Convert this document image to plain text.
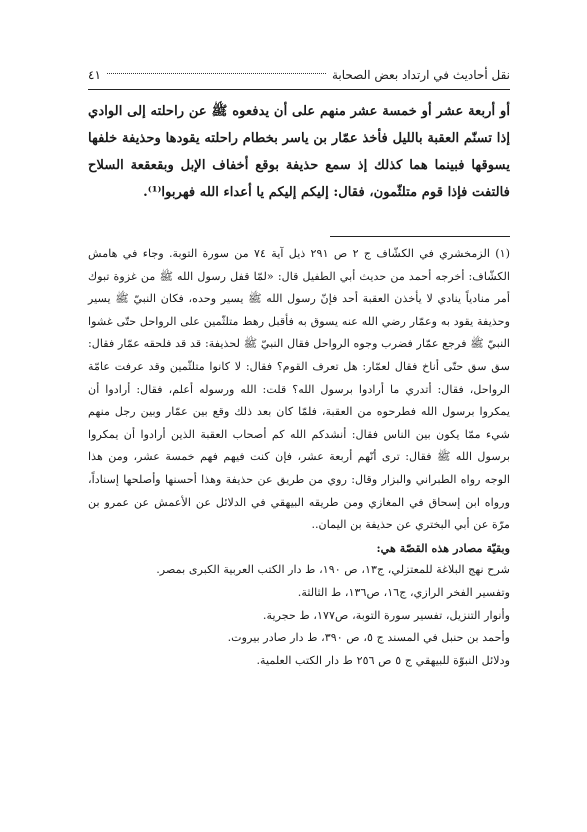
نقل أحاديث في ارتداد بعض الصحابة
٤١

أو أربعة عشر أو خمسة عشر منهم على أن يدفعوه ﷺ عن راحلته إلى الوادي إذا تسنّم العقبة بالليل فأخذ عمّار بن ياسر بخطام راحلته يقودها وحذيفة خلفها يسوقها فبينما هما كذلك إذ سمع حذيفة بوقع أخفاف الإبل وبقعقعة السلاح فالتفت فإذا قوم متلثّمون، فقال: إليكم إليكم يا أعداء الله فهربوا⁽¹⁾.

(١) الزمخشري في الكشّاف ج ٢ ص ٢٩١ ذيل آية ٧٤ من سورة التوبة. وجاء في هامش الكشّاف: أخرجه أحمد من حديث أبي الطفيل قال: «لمّا قفل رسول الله ﷺ من غزوة تبوك أمر منادياً ينادي لا يأخذن العقبة أحد فإنّ رسول الله ﷺ يسير وحده، فكان النبيّ ﷺ يسير وحذيفة يقود به وعمّار رضي الله عنه يسوق به فأقبل رهط متلثّمين على الرواحل حتّى غشوا النبيّ ﷺ فرجع عمّار فضرب وجوه الرواحل فقال النبيّ ﷺ لحذيفة: قد قد فلحقه عمّار فقال: سق سق حتّى أناخ فقال لعمّار: هل تعرف القوم؟ فقال: لا كانوا متلثّمين وقد عرفت عامّة الرواحل، فقال: أتدري ما أرادوا برسول الله؟ قلت: الله ورسوله أعلم، فقال: أرادوا أن يمكروا برسول الله فطرحوه من العقبة، فلمّا كان بعد ذلك وقع بين عمّار وبين رجل منهم شيء ممّا يكون بين الناس فقال: أنشدكم الله كم أصحاب العقبة الذين أرادوا أن يمكروا برسول الله ﷺ فقال: ترى أنّهم أربعة عشر، فإن كنت فيهم فهم خمسة عشر، ومن هذا الوجه رواه الطبراني والبزار وقال: روي من طريق عن حذيفة وهذا أحسنها وأصلحها إسناداً، ورواه ابن إسحاق في المغازي ومن طريقه البيهقي في الدلائل عن الأعمش عن عمرو بن مرّة عن أبي البختري عن حذيفة بن اليمان..

وبقيّة مصادر هذه القصّة هي:

شرح نهج البلاغة للمعتزلي، ج١٣، ص ١٩٠، ط دار الكتب العربية الكبرى بمصر.

وتفسير الفخر الرازي، ج١٦، ص١٣٦، ط الثالثة.

وأنوار التنزيل، تفسير سورة التوبة، ص١٧٧، ط حجرية.

وأحمد بن حنبل في المسند ج ٥، ص ٣٩٠، ط دار صادر بيروت.

ودلائل النبوّة للبيهقي ج ٥ ص ٢٥٦ ط دار الكتب العلمية.
